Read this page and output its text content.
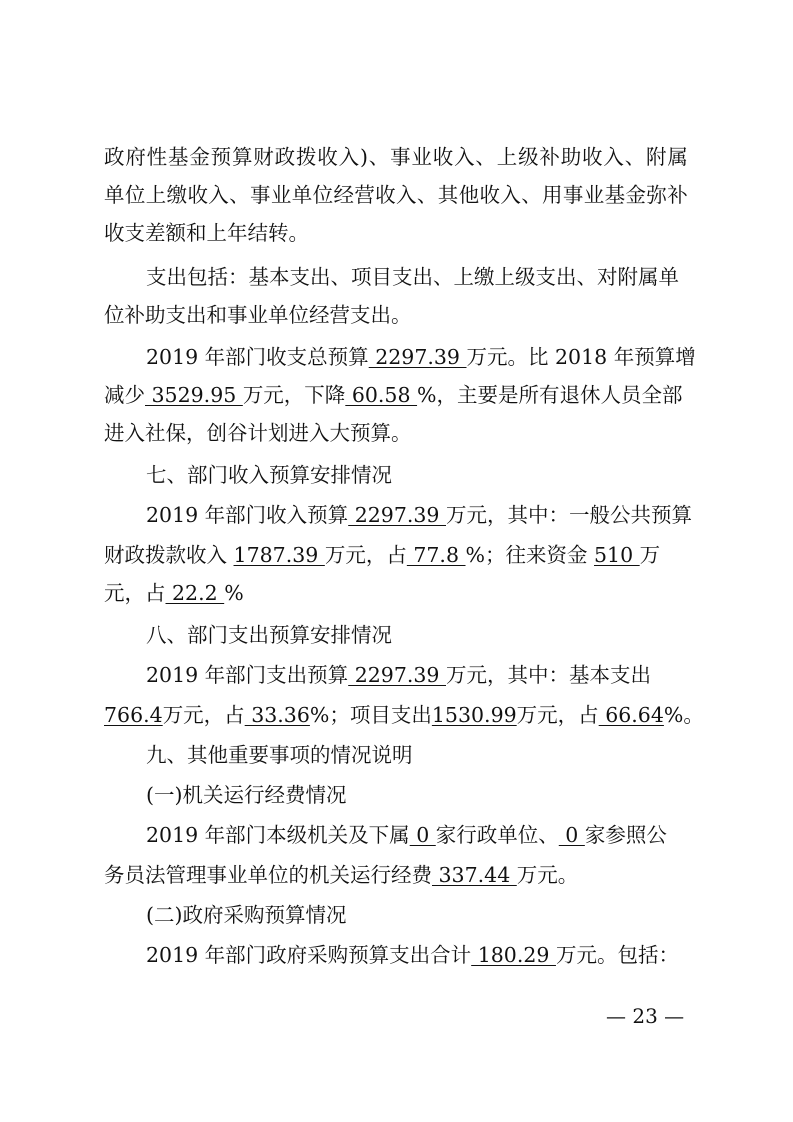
政 府 性 基 金 预 算 财 政 拨 收 入 ) 、 事 业 收 入 、 上 级 补 助 收 入 、 附 属
单 位 上 缴 收 入 、 事 业 单 位 经 营 收 入 、 其 他 收 入 、 用 事 业 基 金 弥 补
收支差额和上年结转。
支出包括：基本支出、项目支出、上缴上级支出、对附属单
位补助支出和事业单位经营支出。
2019 年部门收支总预算 2297.39 万元。比 2018 年预算增
减少 3529.95 万元，下降 60.58 %，主要是所有退休人员全部
进入社保，创谷计划进入大预算。
七、部门收入预算安排情况
2019 年部门收入预算 2297.39 万元，其中：一般公共预算
财政拨款收入 1787.39 万元，占 77.8 %；往来资金 510 万
元，占 22.2 %
八、部门支出预算安排情况
2019 年部门支出预算 2297.39 万元，其中：基本支出
766.4万元，占 33.36%；项目支出1530.99万元，占 66.64%。
九、其他重要事项的情况说明
(一)机关运行经费情况
2019 年部门本级机关及下属 0 家行政单位、 0 家参照公
务员法管理事业单位的机关运行经费 337.44 万元。
(二)政府采购预算情况
2019 年部门政府采购预算支出合计 180.29 万元。包括：
— 23 —
